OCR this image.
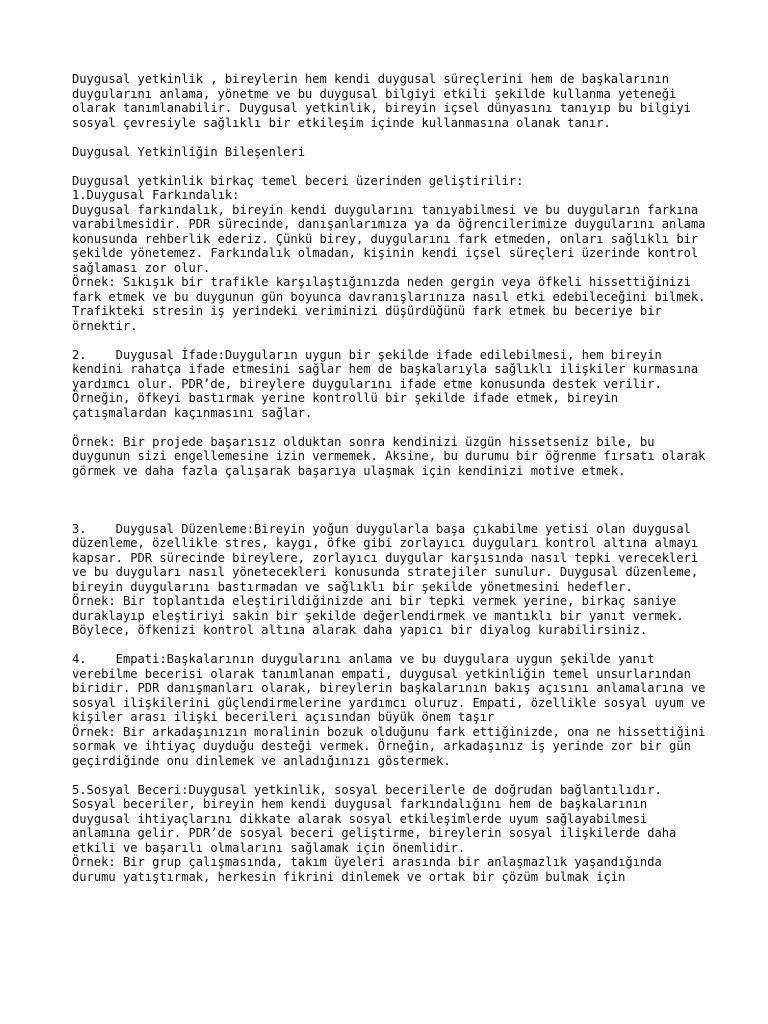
Duygusal yetkinlik , bireylerin hem kendi duygusal süreçlerini hem de başkalarının duygularını anlama, yönetme ve bu duygusal bilgiyi etkili şekilde kullanma yeteneği olarak tanımlanabilir. Duygusal yetkinlik, bireyin içsel dünyasını tanıyıp bu bilgiyi sosyal çevresiyle sağlıklı bir etkileşim içinde kullanmasına olanak tanır.

Duygusal Yetkinliğin Bileşenleri

Duygusal yetkinlik birkaç temel beceri üzerinden geliştirilir:

1.Duygusal Farkındalık:

Duygusal farkındalık, bireyin kendi duygularını tanıyabilmesi ve bu duyguların farkına varabilmesidir. PDR sürecinde, danışanlarımıza ya da öğrencilerimize duygularını anlama konusunda rehberlik ederiz. Çünkü birey, duygularını fark etmeden, onları sağlıklı bir şekilde yönetemez. Farkındalık olmadan, kişinin kendi içsel süreçleri üzerinde kontrol sağlaması zor olur.

Örnek: Sıkışık bir trafikle karşılaştığınızda neden gergin veya öfkeli hissettiğinizi fark etmek ve bu duygunun gün boyunca davranışlarınıza nasıl etki edebileceğini bilmek. Trafikteki stresin iş yerindeki veriminizi düşürdüğünü fark etmek bu beceriye bir örnektir.

2.    Duygusal İfade:Duyguların uygun bir şekilde ifade edilebilmesi, hem bireyin kendini rahatça ifade etmesini sağlar hem de başkalarıyla sağlıklı ilişkiler kurmasına yardımcı olur. PDR’de, bireylere duygularını ifade etme konusunda destek verilir. Örneğin, öfkeyi bastırmak yerine kontrollü bir şekilde ifade etmek, bireyin çatışmalardan kaçınmasını sağlar.

Örnek: Bir projede başarısız olduktan sonra kendinizi üzgün hissetseniz bile, bu duygunun sizi engellemesine izin vermemek. Aksine, bu durumu bir öğrenme fırsatı olarak görmek ve daha fazla çalışarak başarıya ulaşmak için kendinizi motive etmek.

3.    Duygusal Düzenleme:Bireyin yoğun duygularla başa çıkabilme yetisi olan duygusal düzenleme, özellikle stres, kaygı, öfke gibi zorlayıcı duyguları kontrol altına almayı kapsar. PDR sürecinde bireylere, zorlayıcı duygular karşısında nasıl tepki verecekleri ve bu duyguları nasıl yönetecekleri konusunda stratejiler sunulur. Duygusal düzenleme, bireyin duygularını bastırmadan ve sağlıklı bir şekilde yönetmesini hedefler.

Örnek: Bir toplantıda eleştirildiğinizde ani bir tepki vermek yerine, birkaç saniye duraklayıp eleştiriyi sakin bir şekilde değerlendirmek ve mantıklı bir yanıt vermek. Böylece, öfkenizi kontrol altına alarak daha yapıcı bir diyalog kurabilirsiniz.

4.    Empati:Başkalarının duygularını anlama ve bu duygulara uygun şekilde yanıt verebilme becerisi olarak tanımlanan empati, duygusal yetkinliğin temel unsurlarından biridir. PDR danışmanları olarak, bireylerin başkalarının bakış açısını anlamalarına ve sosyal ilişkilerini güçlendirmelerine yardımcı oluruz. Empati, özellikle sosyal uyum ve kişiler arası ilişki becerileri açısından büyük önem taşır

Örnek: Bir arkadaşınızın moralinin bozuk olduğunu fark ettiğinizde, ona ne hissettiğini sormak ve ihtiyaç duyduğu desteği vermek. Örneğin, arkadaşınız iş yerinde zor bir gün geçirdiğinde onu dinlemek ve anladığınızı göstermek.

5.Sosyal Beceri:Duygusal yetkinlik, sosyal becerilerle de doğrudan bağlantılıdır. Sosyal beceriler, bireyin hem kendi duygusal farkındalığını hem de başkalarının duygusal ihtiyaçlarını dikkate alarak sosyal etkileşimlerde uyum sağlayabilmesi anlamına gelir. PDR’de sosyal beceri geliştirme, bireylerin sosyal ilişkilerde daha etkili ve başarılı olmalarını sağlamak için önemlidir.

Örnek: Bir grup çalışmasında, takım üyeleri arasında bir anlaşmazlık yaşandığında durumu yatıştırmak, herkesin fikrini dinlemek ve ortak bir çözüm bulmak için
